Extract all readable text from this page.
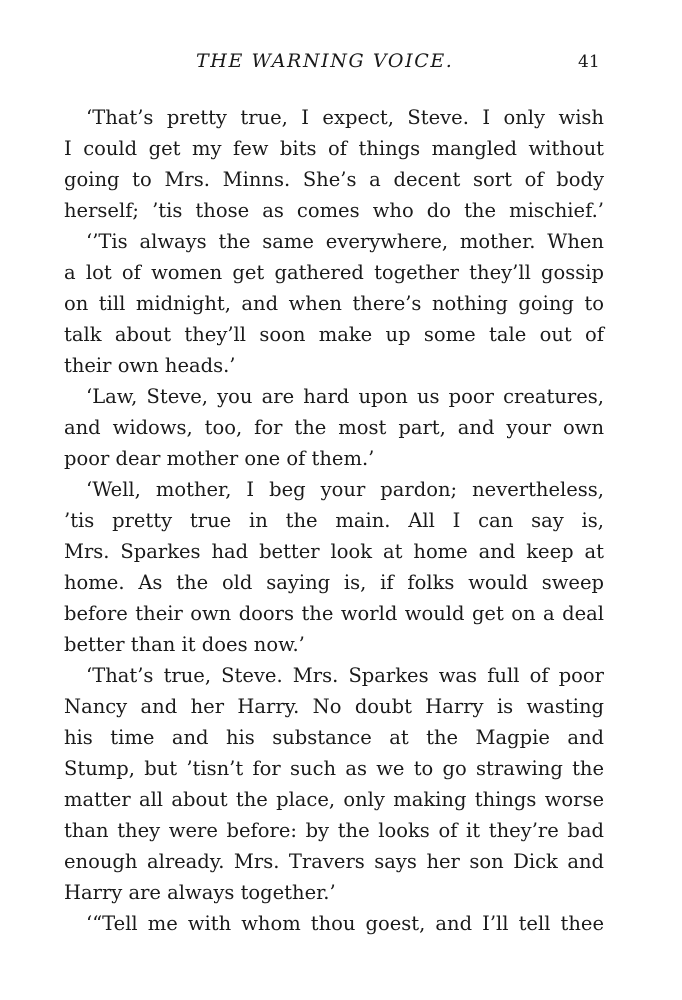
THE WARNING VOICE.	41
‘That’s pretty true, I expect, Steve. I only wish
I could get my few bits of things mangled without
going to Mrs. Minns. She’s a decent sort of body
herself; ’tis those as comes who do the mischief.’
‘’Tis always the same everywhere, mother. When
a lot of women get gathered together they’ll gossip
on till midnight, and when there’s nothing going to
talk about they’ll soon make up some tale out of
their own heads.’
‘Law, Steve, you are hard upon us poor creatures,
and widows, too, for the most part, and your own
poor dear mother one of them.’
‘Well, mother, I beg your pardon; nevertheless,
’tis pretty true in the main. All I can say is,
Mrs. Sparkes had better look at home and keep at
home. As the old saying is, if folks would sweep
before their own doors the world would get on a deal
better than it does now.’
‘That’s true, Steve. Mrs. Sparkes was full of poor
Nancy and her Harry. No doubt Harry is wasting
his time and his substance at the Magpie and
Stump, but ’tisn’t for such as we to go strawing the
matter all about the place, only making things worse
than they were before: by the looks of it they’re bad
enough already. Mrs. Travers says her son Dick and
Harry are always together.’
‘“Tell me with whom thou goest, and I’ll tell thee
